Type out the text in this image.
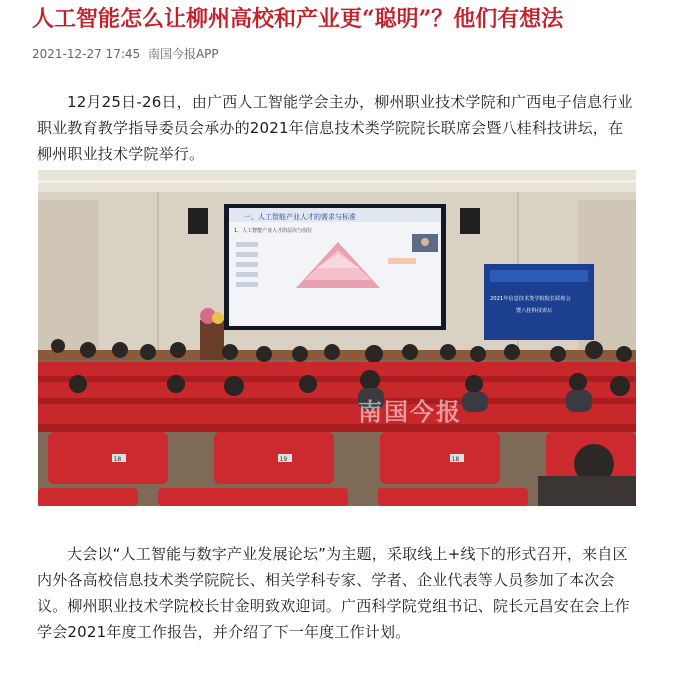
人工智能怎么让柳州高校和产业更“聪明”？他们有想法
2021-12-27 17:45 南国今报APP

12月25日-26日，由广西人工智能学会主办，柳州职业技术学院和广西电子信息行业职业教育教学指导委员会承办的2021年信息技术类学院院长联席会暨八桂科技讲坛，在柳州职业技术学院举行。

一、人工智能产业人才的需求与标准
1、人工智能产业人才的层次与岗位
2021年信息技术类学院院长联席会
暨八桂科技讲坛
18	19	18
南国今报

大会以“人工智能与数字产业发展论坛”为主题，采取线上+线下的形式召开，来自区内外各高校信息技术类学院院长、相关学科专家、学者、企业代表等人员参加了本次会议。柳州职业技术学院校长甘金明致欢迎词。广西科学院党组书记、院长元昌安在会上作学会2021年度工作报告，并介绍了下一年度工作计划。
